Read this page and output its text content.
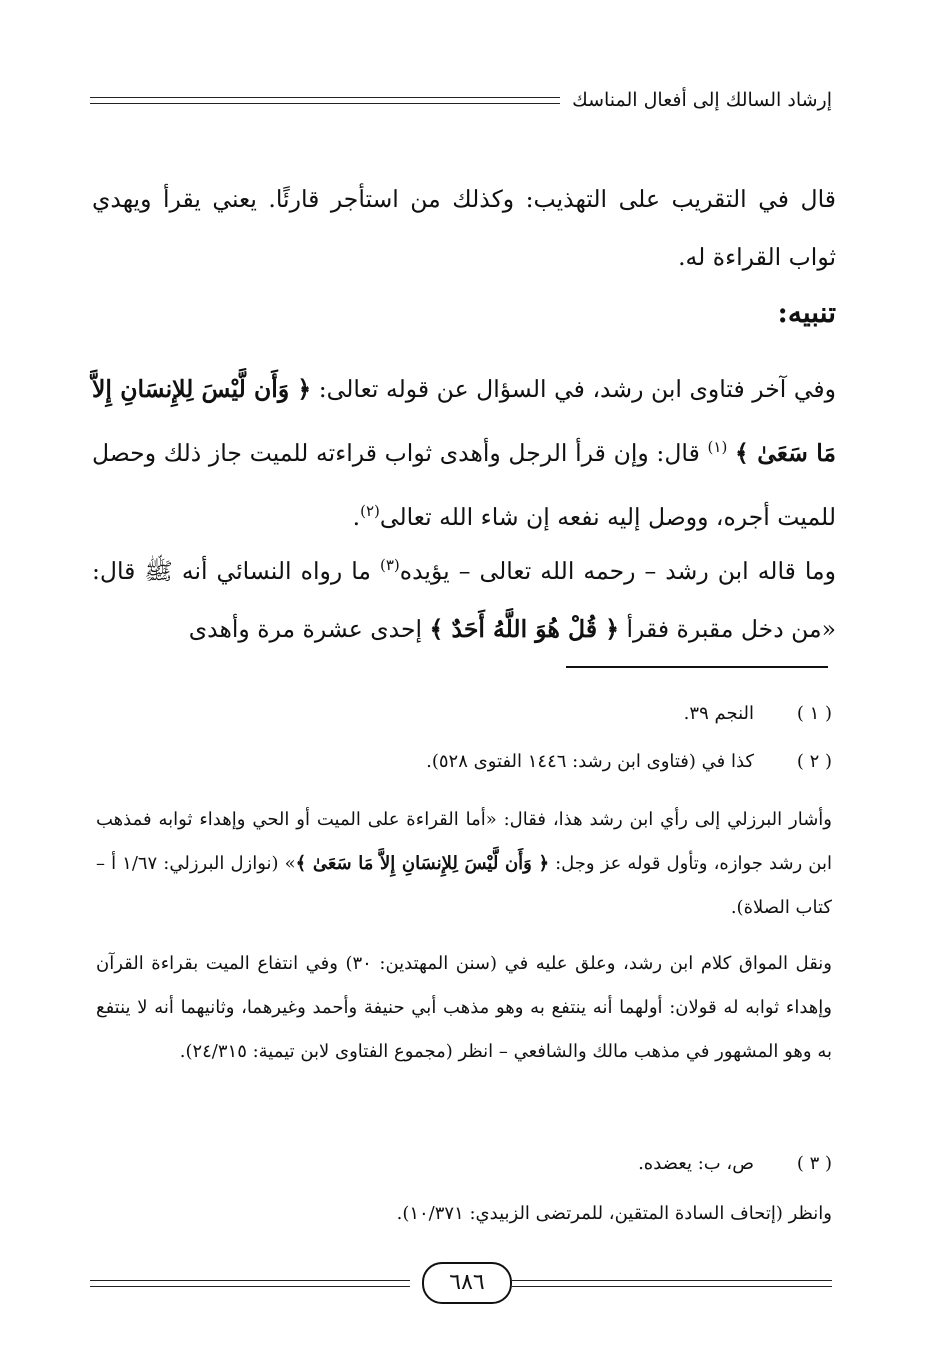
إرشاد السالك إلى أفعال المناسك

قال في التقريب على التهذيب: وكذلك من استأجر قارئًا. يعني يقرأ ويهدي ثواب القراءة له.

تنبيه:

وفي آخر فتاوى ابن رشد، في السؤال عن قوله تعالى: ﴿ وَأَن لَّيْسَ لِلإِنسَانِ إِلاَّ مَا سَعَىٰ ﴾ $^{(١)}$ قال: وإن قرأ الرجل وأهدى ثواب قراءته للميت جاز ذلك وحصل للميت أجره، ووصل إليه نفعه إن شاء الله تعالى$^{(٢)}$.

وما قاله ابن رشد – رحمه الله تعالى – يؤيده$^{(٣)}$ ما رواه النسائي أنه ﷺ قال: «من دخل مقبرة فقرأ ﴿ قُلْ هُوَ اللَّهُ أَحَدٌ ﴾ إحدى عشرة مرة وأهدى

( ١ )
النجم ٣٩.
( ٢ )
كذا في (فتاوى ابن رشد: ١٤٤٦ الفتوى ٥٢٨).
وأشار البرزلي إلى رأي ابن رشد هذا، فقال: «أما القراءة على الميت أو الحي وإهداء ثوابه فمذهب ابن رشد جوازه، وتأول قوله عز وجل: ﴿ وَأَن لَّيْسَ لِلإِنسَانِ إِلاَّ مَا سَعَىٰ ﴾» (نوازل البرزلي: ١/٦٧ أ – كتاب الصلاة).
ونقل المواق كلام ابن رشد، وعلق عليه في (سنن المهتدين: ٣٠) وفي انتفاع الميت بقراءة القرآن وإهداء ثوابه له قولان: أولهما أنه ينتفع به وهو مذهب أبي حنيفة وأحمد وغيرهما، وثانيهما أنه لا ينتفع به وهو المشهور في مذهب مالك والشافعي – انظر (مجموع الفتاوى لابن تيمية: ٢٤/٣١٥).
( ٣ )
ص، ب: يعضده.
وانظر (إتحاف السادة المتقين، للمرتضى الزبيدي: ١٠/٣٧١).
٦٨٦
